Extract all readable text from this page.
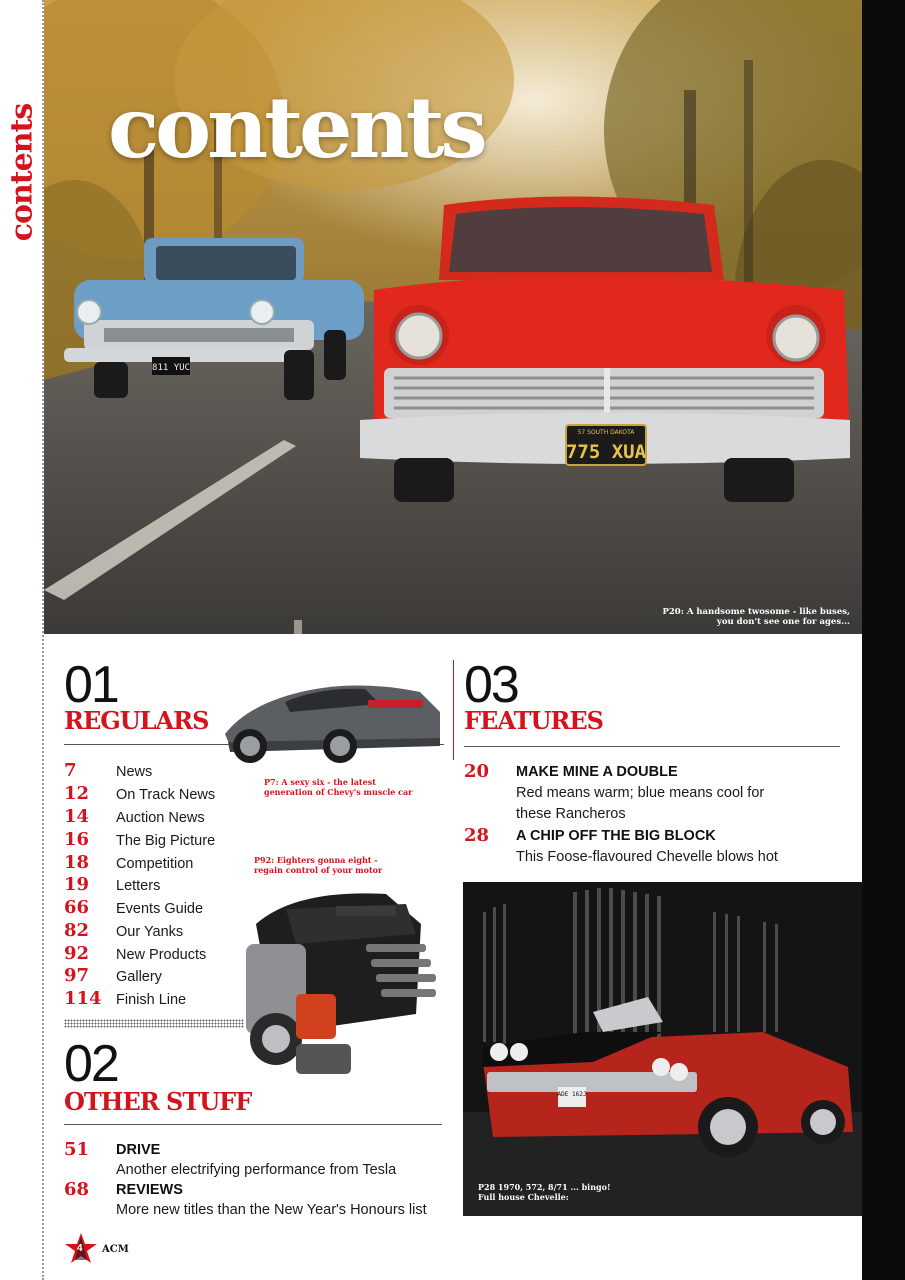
contents
811 YUC
57 SOUTH DAKOTA
775 XUA
contents
P20: A handsome twosome - like buses,
you don't see one for ages...
01
REGULARS
7	News
12	On Track News
14	Auction News
16	The Big Picture
18	Competition
19	Letters
66	Events Guide
82	Our Yanks
92	New Products
97	Gallery
114 Finish Line
P7: A sexy six - the latest
generation of Chevy's muscle car
P92: Eighters gonna eight -
regain control of your motor
02
OTHER STUFF
51 DRIVE
Another electrifying performance from Tesla
68 REVIEWS
More new titles than the New Year's Honours list
03
FEATURES
20 MAKE MINE A DOUBLE
Red means warm; blue means cool for
these Rancheros
28 A CHIP OFF THE BIG BLOCK
This Foose-flavoured Chevelle blows hot
ADE 162J
P28 1970, 572, 8/71 ... bingo!
Full house Chevelle:
4 ACM
